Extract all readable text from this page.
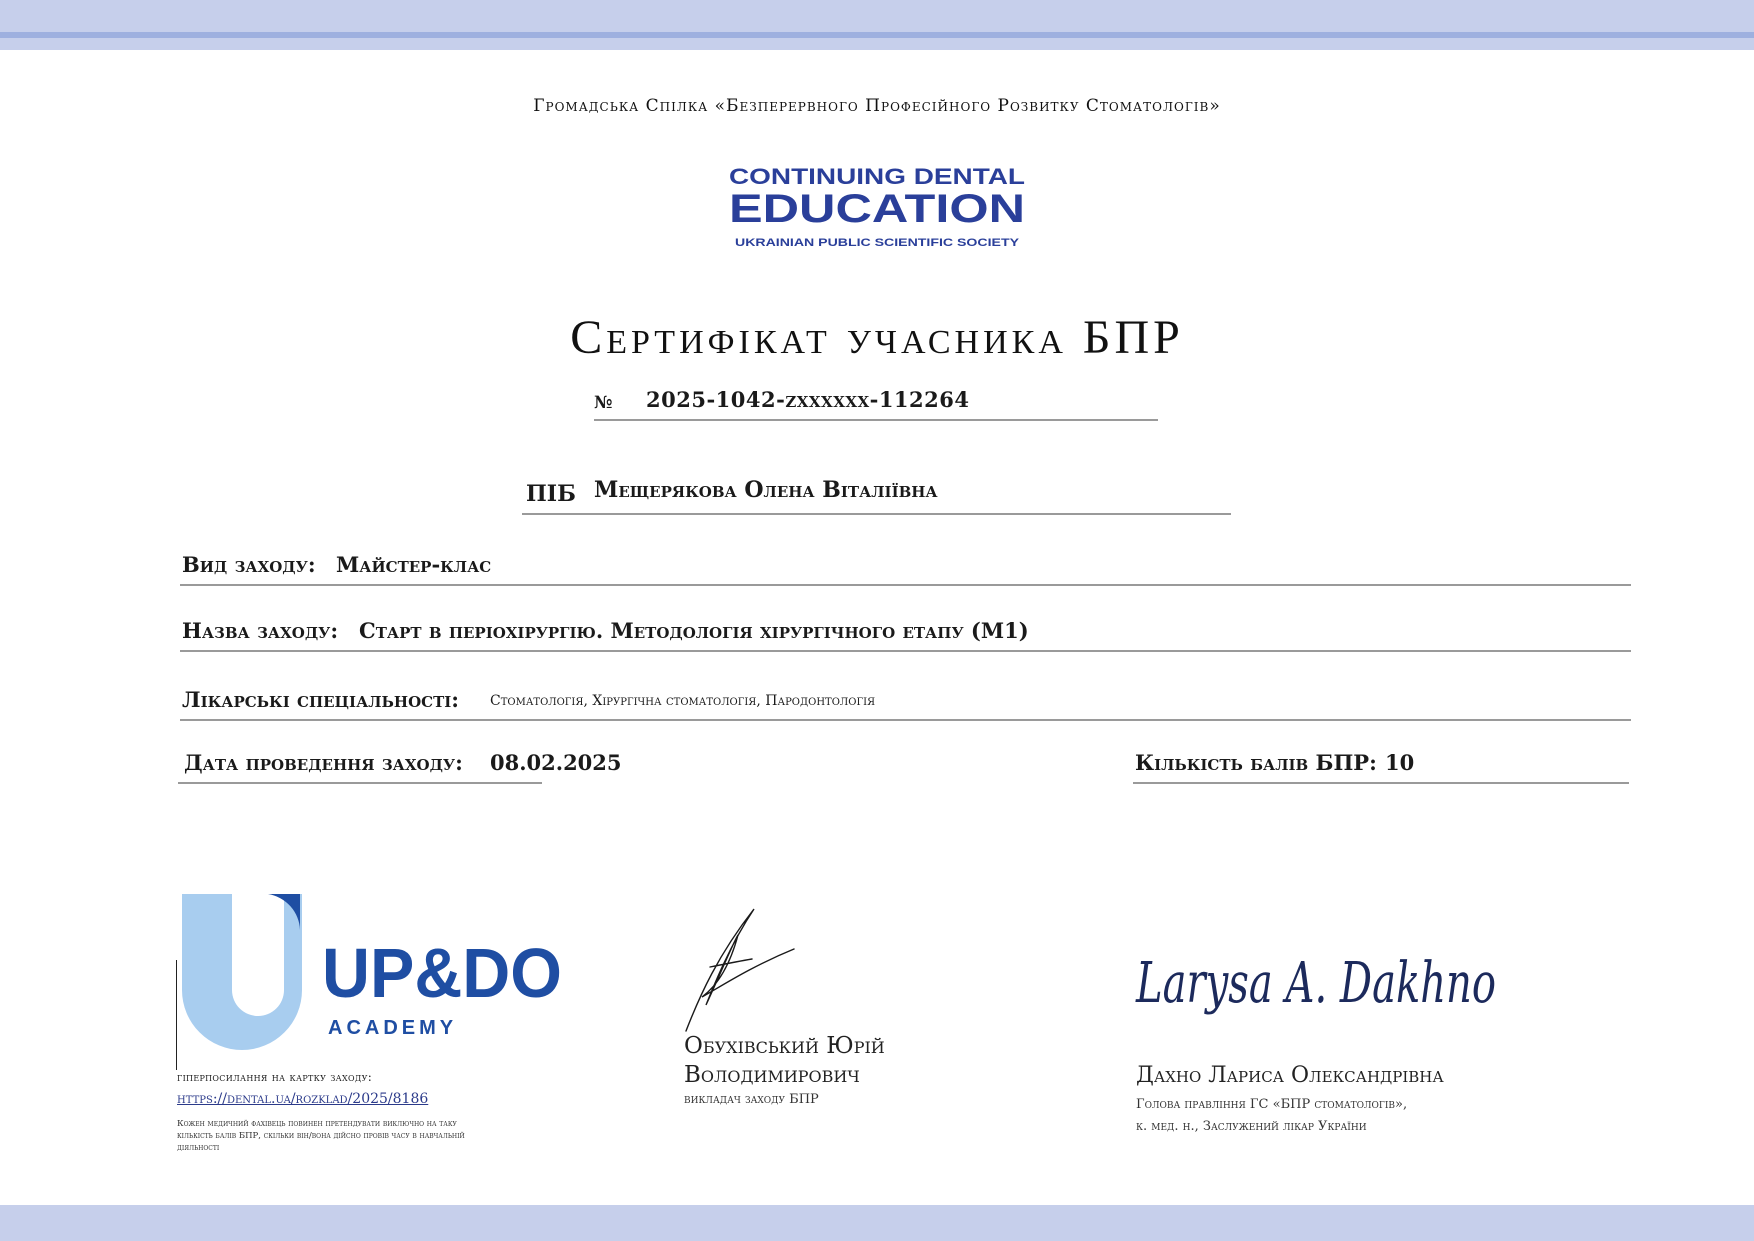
Громадська Спілка «Безперервного Професійного Розвитку Стоматологів»
CONTINUING DENTAL
EDUCATION
UKRAINIAN PUBLIC SCIENTIFIC SOCIETY
Сертифікат учасника БПР
№ 2025-1042-zxxxxxx-112264
ПІБ Мещерякова Олена Віталіївна
Вид заходу: Майстер-клас
Назва заходу: Старт в періохірургію. Методологія хірургічного етапу (M1)
Лікарські спеціальності: Стоматологія, Хірургічна стоматологія, Пародонтологія
Дата проведення заходу: 08.02.2025	Кількість балів БПР: 10
UP&DO
ACADEMY
гіперпосилання на картку заходу:
https://dental.ua/rozklad/2025/8186
Кожен медичний фахівець повинен претендувати виключно на таку кількість балів БПР, скільки він/вона дійсно провів часу в навчальній діяльності
Обухівський Юрій
Володимирович
викладач заходу БПР
Larysa A. Dakhno
Дахно Лариса Олександрівна
Голова правління ГС «БПР стоматологів»,
к. мед. н., Заслужений лікар України
